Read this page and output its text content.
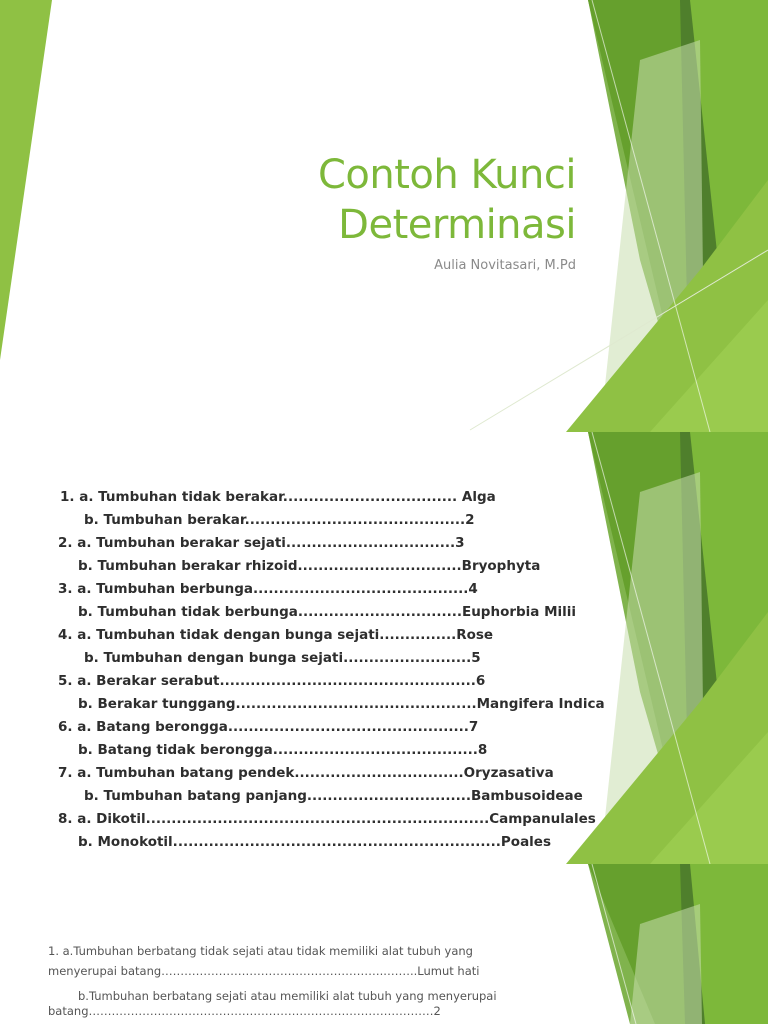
Contoh Kunci
Determinasi
Aulia Novitasari, M.Pd
1. a. Tumbuhan tidak berakar.................................. Alga
b. Tumbuhan berakar...........................................2
2. a. Tumbuhan berakar sejati.................................3
b. Tumbuhan berakar rhizoid................................Bryophyta
3. a. Tumbuhan berbunga..........................................4
b. Tumbuhan tidak berbunga................................Euphorbia Milii
4. a. Tumbuhan tidak dengan bunga sejati...............Rose
b. Tumbuhan dengan bunga sejati.........................5
5. a. Berakar serabut..................................................6
b. Berakar tunggang...............................................Mangifera Indica
6. a. Batang berongga...............................................7
b. Batang tidak berongga........................................8
7. a. Tumbuhan batang pendek.................................Oryzasativa
b. Tumbuhan batang panjang................................Bambusoideae
8. a. Dikotil...................................................................Campanulales
b. Monokotil................................................................Poales
1. a.Tumbuhan berbatang tidak sejati atau tidak memiliki alat tubuh yang
menyerupai batang…………………………………………………..……..Lumut hati
b.Tumbuhan berbatang sejati atau memiliki alat tubuh yang menyerupai
batang………………………………………………………………………………2
